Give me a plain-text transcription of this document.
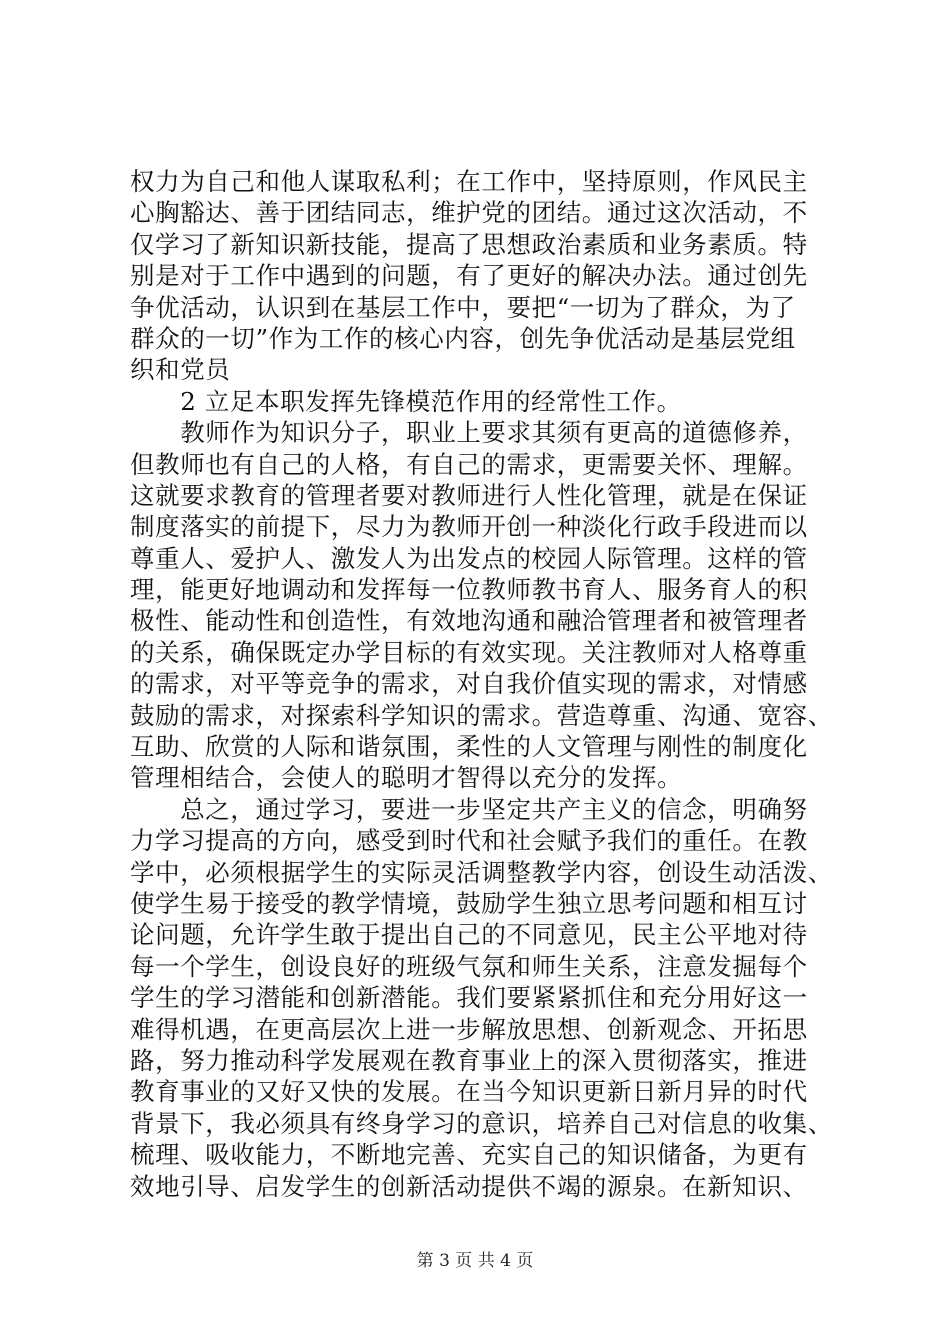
权力为自己和他人谋取私利；在工作中，坚持原则，作风民主
心胸豁达、善于团结同志，维护党的团结。通过这次活动，不
仅学习了新知识新技能，提高了思想政治素质和业务素质。特
别是对于工作中遇到的问题，有了更好的解决办法。通过创先
争优活动，认识到在基层工作中，要把“一切为了群众，为了
群众的一切”作为工作的核心内容，创先争优活动是基层党组
织和党员
　　2 立足本职发挥先锋模范作用的经常性工作。
　　教师作为知识分子，职业上要求其须有更高的道德修养，
但教师也有自己的人格，有自己的需求，更需要关怀、理解。
这就要求教育的管理者要对教师进行人性化管理，就是在保证
制度落实的前提下，尽力为教师开创一种淡化行政手段进而以
尊重人、爱护人、激发人为出发点的校园人际管理。这样的管
理，能更好地调动和发挥每一位教师教书育人、服务育人的积
极性、能动性和创造性，有效地沟通和融洽管理者和被管理者
的关系，确保既定办学目标的有效实现。关注教师对人格尊重
的需求，对平等竞争的需求，对自我价值实现的需求，对情感
鼓励的需求，对探索科学知识的需求。营造尊重、沟通、宽容、
互助、欣赏的人际和谐氛围，柔性的人文管理与刚性的制度化
管理相结合，会使人的聪明才智得以充分的发挥。
　　总之，通过学习，要进一步坚定共产主义的信念，明确努
力学习提高的方向，感受到时代和社会赋予我们的重任。在教
学中，必须根据学生的实际灵活调整教学内容，创设生动活泼、
使学生易于接受的教学情境，鼓励学生独立思考问题和相互讨
论问题，允许学生敢于提出自己的不同意见，民主公平地对待
每一个学生，创设良好的班级气氛和师生关系，注意发掘每个
学生的学习潜能和创新潜能。我们要紧紧抓住和充分用好这一
难得机遇，在更高层次上进一步解放思想、创新观念、开拓思
路，努力推动科学发展观在教育事业上的深入贯彻落实，推进
教育事业的又好又快的发展。在当今知识更新日新月异的时代
背景下，我必须具有终身学习的意识，培养自己对信息的收集、
梳理、吸收能力，不断地完善、充实自己的知识储备，为更有
效地引导、启发学生的创新活动提供不竭的源泉。在新知识、
第 3 页 共 4 页
